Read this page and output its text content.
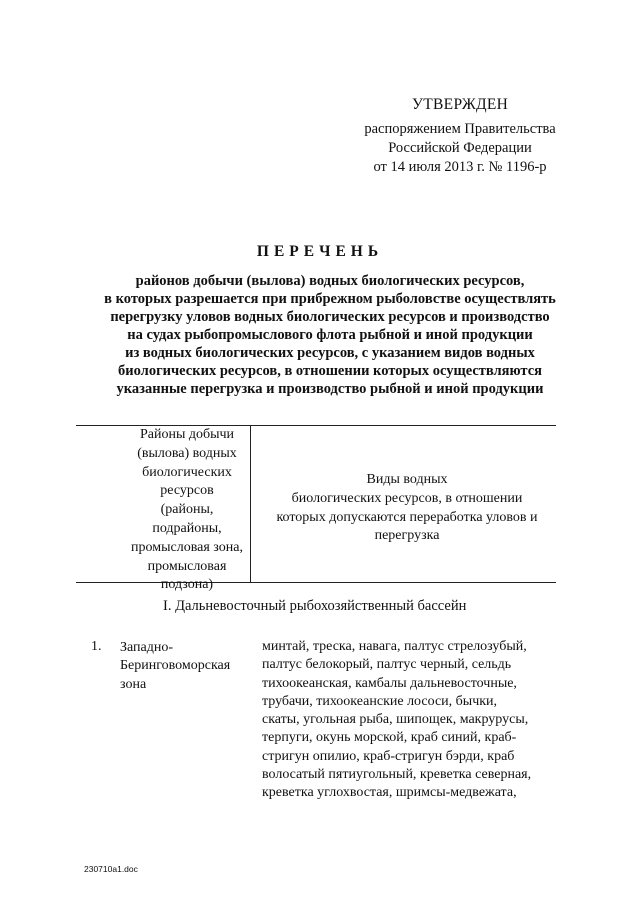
УТВЕРЖДЕН
распоряжением Правительства
Российской Федерации
от 14 июля 2013 г. № 1196-р
ПЕРЕЧЕНЬ
районов добычи (вылова) водных биологических ресурсов,
в которых разрешается при прибрежном рыболовстве осуществлять
перегрузку уловов водных биологических ресурсов и производство
на судах рыбопромыслового флота рыбной и иной продукции
из водных биологических ресурсов, с указанием видов водных
биологических ресурсов, в отношении которых осуществляются
указанные перегрузка и производство рыбной и иной продукции
Районы добычи
(вылова) водных
биологических
ресурсов
(районы,
подрайоны,
промысловая зона,
промысловая
подзона)
Виды водных
биологических ресурсов, в отношении
которых допускаются переработка уловов и
перегрузка
I. Дальневосточный рыбохозяйственный бассейн
1. Западно-
Беринговоморская
зона
минтай, треска, навага, палтус стрелозубый,
палтус белокорый, палтус черный, сельдь
тихоокеанская, камбалы дальневосточные,
трубачи, тихоокеанские лососи, бычки,
скаты, угольная рыба, шипощек, макрурусы,
терпуги, окунь морской, краб синий, краб-
стригун опилио, краб-стригун бэрди, краб
волосатый пятиугольный, креветка северная,
креветка углохвостая, шримсы-медвежата,
230710a1.doc
